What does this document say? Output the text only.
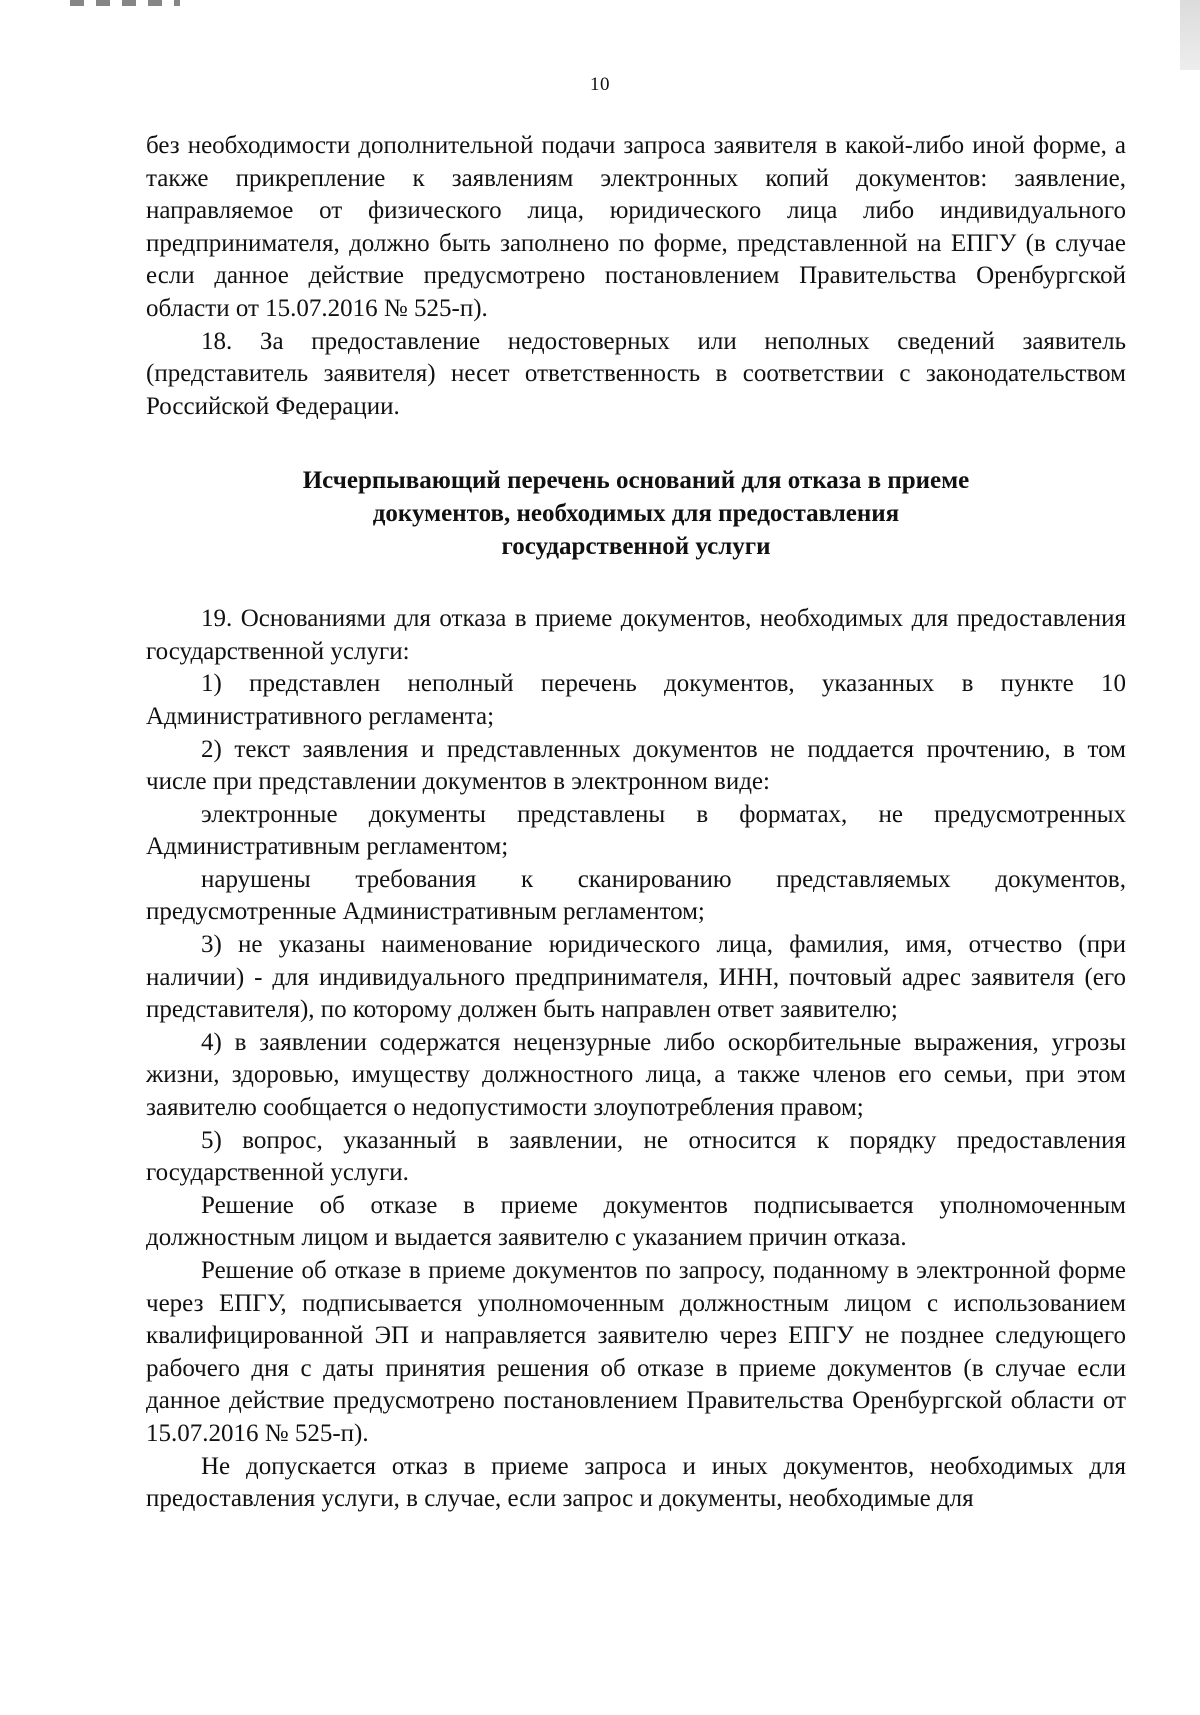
10

без необходимости дополнительной подачи запроса заявителя в какой-либо иной форме, а также прикрепление к заявлениям электронных копий документов: заявление, направляемое от физического лица, юридического лица либо индивидуального предпринимателя, должно быть заполнено по форме, представленной на ЕПГУ (в случае если данное действие предусмотрено постановлением Правительства Оренбургской области от 15.07.2016 № 525-п).

18. За предоставление недостоверных или неполных сведений заявитель (представитель заявителя) несет ответственность в соответствии с законодательством Российской Федерации.

Исчерпывающий перечень оснований для отказа в приеме
документов, необходимых для предоставления
государственной услуги

19. Основаниями для отказа в приеме документов, необходимых для предоставления государственной услуги:

1) представлен неполный перечень документов, указанных в пункте 10 Административного регламента;

2) текст заявления и представленных документов не поддается прочтению, в том числе при представлении документов в электронном виде:

электронные документы представлены в форматах, не предусмотренных Административным регламентом;

нарушены требования к сканированию представляемых документов, предусмотренные Административным регламентом;

3) не указаны наименование юридического лица, фамилия, имя, отчество (при наличии) - для индивидуального предпринимателя, ИНН, почтовый адрес заявителя (его представителя), по которому должен быть направлен ответ заявителю;

4) в заявлении содержатся нецензурные либо оскорбительные выражения, угрозы жизни, здоровью, имуществу должностного лица, а также членов его семьи, при этом заявителю сообщается о недопустимости злоупотребления правом;

5) вопрос, указанный в заявлении, не относится к порядку предоставления государственной услуги.

Решение об отказе в приеме документов подписывается уполномоченным должностным лицом и выдается заявителю с указанием причин отказа.

Решение об отказе в приеме документов по запросу, поданному в электронной форме через ЕПГУ, подписывается уполномоченным должностным лицом с использованием квалифицированной ЭП и направляется заявителю через ЕПГУ не позднее следующего рабочего дня с даты принятия решения об отказе в приеме документов (в случае если данное действие предусмотрено постановлением Правительства Оренбургской области от 15.07.2016 № 525-п).

Не допускается отказ в приеме запроса и иных документов, необходимых для предоставления услуги, в случае, если запрос и документы, необходимые для
